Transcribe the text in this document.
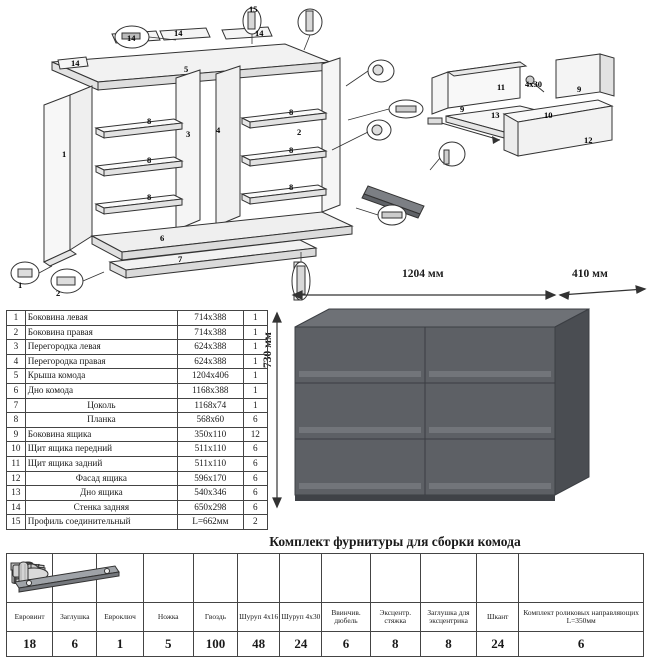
15
14	14
14
14
5
3	4	2
1
8
8
8
8
8
8
6
7
9
11	9
13	10
12
4х30
1
2
1204 мм	410 мм
730 мм
1	Боковина левая	714х388	1
2	Боковина правая	714х388	1
3	Перегородка левая	624х388	1
4	Перегородка правая	624х388	1
5	Крыша комода	1204х406	1
6	Дно комода	1168х388	1
7	Цоколь	1168х74	1
8	Планка	568х60	6
9	Боковина ящика	350х110	12
10	Щит ящика передний	511х110	6
11	Щит ящика задний	511х110	6
12	Фасад ящика	596х170	6
13	Дно ящика	540х346	6
14	Стенка задняя	650х298	6
15	Профиль соединительный	L=662мм	2
Комплект фурнитуры для сборки комода

Евровинт	Заглушка	Евроключ	Ножка	Гвоздь	Шуруп 4х16	Шуруп 4х30	Ввинчив. дюбель	Эксцентр. стяжка	Заглушка для эксцентрика	Шкант	Комплект роликовых направляющих L=350мм
18	6	1	5	100	48	24	6	8	8	24	6
